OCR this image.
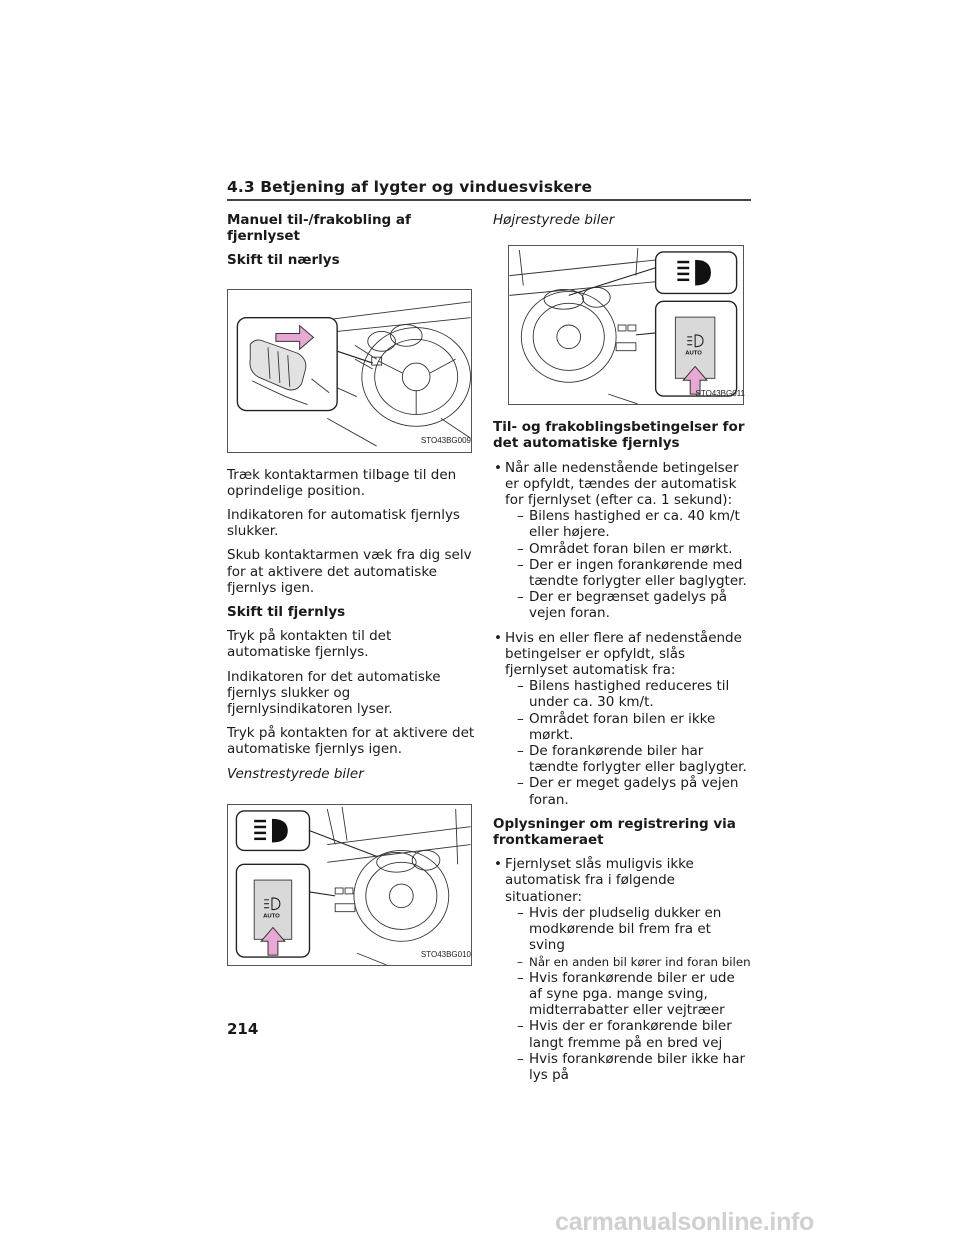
4.3 Betjening af lygter og vinduesviskere
Manuel til-/frakobling af fjernlyset
Skift til nærlys
STO43BG009
Træk kontaktarmen tilbage til den oprindelige position.
Indikatoren for automatisk fjernlys slukker.
Skub kontaktarmen væk fra dig selv for at aktivere det automatiske fjernlys igen.
Skift til fjernlys
Tryk på kontakten til det automatiske fjernlys.
Indikatoren for det automatiske fjernlys slukker og fjernlysindikatoren lyser.
Tryk på kontakten for at aktivere det automatiske fjernlys igen.
Venstrestyrede biler
AUTO
STO43BG010
Højrestyrede biler
AUTO
STO43BG011
Til- og frakoblingsbetingelser for det automatiske fjernlys
• Når alle nedenstående betingelser er opfyldt, tændes der automatisk for fjernlyset (efter ca. 1 sekund):
– Bilens hastighed er ca. 40 km/t eller højere.
– Området foran bilen er mørkt.
– Der er ingen forankørende med tændte forlygter eller baglygter.
– Der er begrænset gadelys på vejen foran.
• Hvis en eller flere af nedenstående betingelser er opfyldt, slås fjernlyset automatisk fra:
– Bilens hastighed reduceres til under ca. 30 km/t.
– Området foran bilen er ikke mørkt.
– De forankørende biler har tændte forlygter eller baglygter.
– Der er meget gadelys på vejen foran.
Oplysninger om registrering via frontkameraet
• Fjernlyset slås muligvis ikke automatisk fra i følgende situationer:
– Hvis der pludselig dukker en modkørende bil frem fra et sving
– Når en anden bil kører ind foran bilen
– Hvis forankørende biler er ude af syne pga. mange sving, midterrabatter eller vejtræer
– Hvis der er forankørende biler langt fremme på en bred vej
– Hvis forankørende biler ikke har lys på
214
carmanualsonline.info
